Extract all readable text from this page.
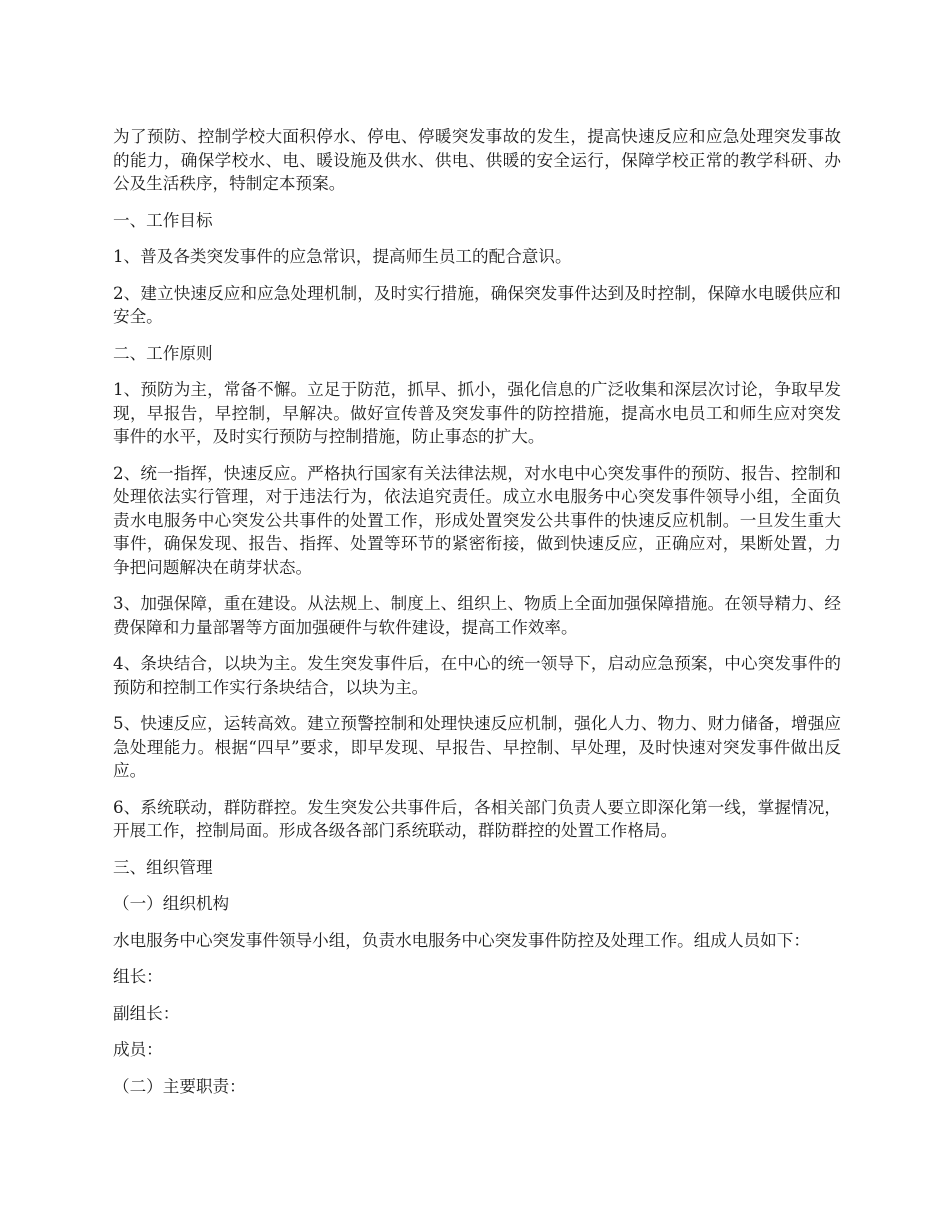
为了预防、控制学校大面积停水、停电、停暖突发事故的发生，提高快速反应和应急处理突发事故的能力，确保学校水、电、暖设施及供水、供电、供暖的安全运行，保障学校正常的教学科研、办公及生活秩序，特制定本预案。

一、工作目标

1、普及各类突发事件的应急常识，提高师生员工的配合意识。

2、建立快速反应和应急处理机制，及时实行措施，确保突发事件达到及时控制，保障水电暖供应和安全。

二、工作原则

1、预防为主，常备不懈。立足于防范，抓早、抓小，强化信息的广泛收集和深层次讨论，争取早发现，早报告，早控制，早解决。做好宣传普及突发事件的防控措施，提高水电员工和师生应对突发事件的水平，及时实行预防与控制措施，防止事态的扩大。

2、统一指挥，快速反应。严格执行国家有关法律法规，对水电中心突发事件的预防、报告、控制和处理依法实行管理，对于违法行为，依法追究责任。成立水电服务中心突发事件领导小组，全面负责水电服务中心突发公共事件的处置工作，形成处置突发公共事件的快速反应机制。一旦发生重大事件，确保发现、报告、指挥、处置等环节的紧密衔接，做到快速反应，正确应对，果断处置，力争把问题解决在萌芽状态。

3、加强保障，重在建设。从法规上、制度上、组织上、物质上全面加强保障措施。在领导精力、经费保障和力量部署等方面加强硬件与软件建设，提高工作效率。

4、条块结合，以块为主。发生突发事件后，在中心的统一领导下，启动应急预案，中心突发事件的预防和控制工作实行条块结合，以块为主。

5、快速反应，运转高效。建立预警控制和处理快速反应机制，强化人力、物力、财力储备，增强应急处理能力。根据“四早”要求，即早发现、早报告、早控制、早处理，及时快速对突发事件做出反应。

6、系统联动，群防群控。发生突发公共事件后，各相关部门负责人要立即深化第一线，掌握情况，开展工作，控制局面。形成各级各部门系统联动，群防群控的处置工作格局。

三、组织管理

（一）组织机构

水电服务中心突发事件领导小组，负责水电服务中心突发事件防控及处理工作。组成人员如下：

组长：

副组长：

成员：

（二）主要职责：
